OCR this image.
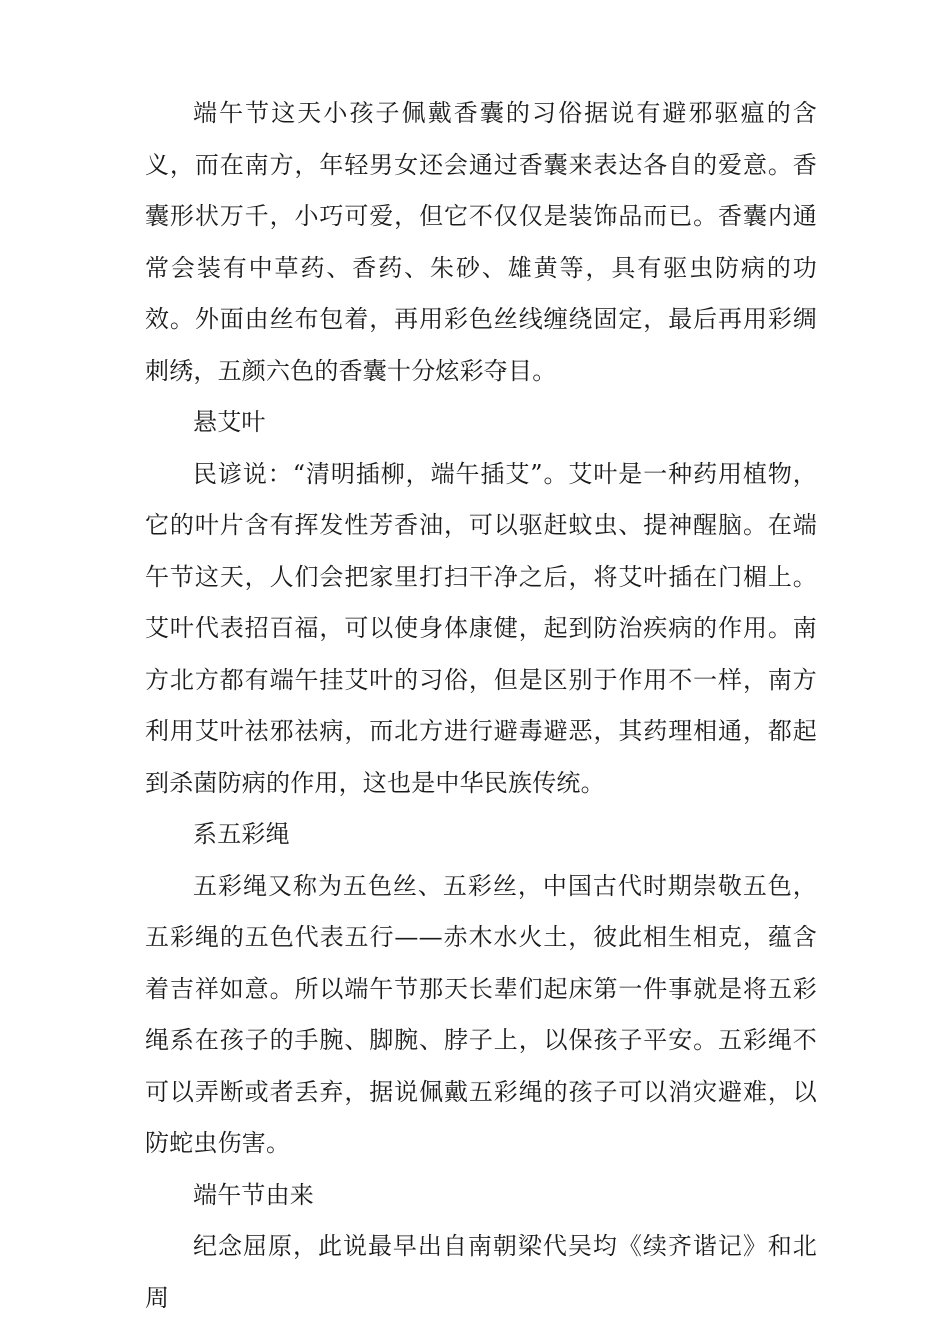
端午节这天小孩子佩戴香囊的习俗据说有避邪驱瘟的含义，而在南方，年轻男女还会通过香囊来表达各自的爱意。香囊形状万千，小巧可爱，但它不仅仅是装饰品而已。香囊内通常会装有中草药、香药、朱砂、雄黄等，具有驱虫防病的功效。外面由丝布包着，再用彩色丝线缠绕固定，最后再用彩绸刺绣，五颜六色的香囊十分炫彩夺目。

悬艾叶

民谚说：“清明插柳，端午插艾”。艾叶是一种药用植物，它的叶片含有挥发性芳香油，可以驱赶蚊虫、提神醒脑。在端午节这天，人们会把家里打扫干净之后，将艾叶插在门楣上。艾叶代表招百福，可以使身体康健，起到防治疾病的作用。南方北方都有端午挂艾叶的习俗，但是区别于作用不一样，南方利用艾叶祛邪祛病，而北方进行避毒避恶，其药理相通，都起到杀菌防病的作用，这也是中华民族传统。

系五彩绳

五彩绳又称为五色丝、五彩丝，中国古代时期崇敬五色，五彩绳的五色代表五行——赤木水火土，彼此相生相克，蕴含着吉祥如意。所以端午节那天长辈们起床第一件事就是将五彩绳系在孩子的手腕、脚腕、脖子上，以保孩子平安。五彩绳不可以弄断或者丢弃，据说佩戴五彩绳的孩子可以消灾避难，以防蛇虫伤害。

端午节由来

纪念屈原，此说最早出自南朝梁代吴均《续齐谐记》和北周
